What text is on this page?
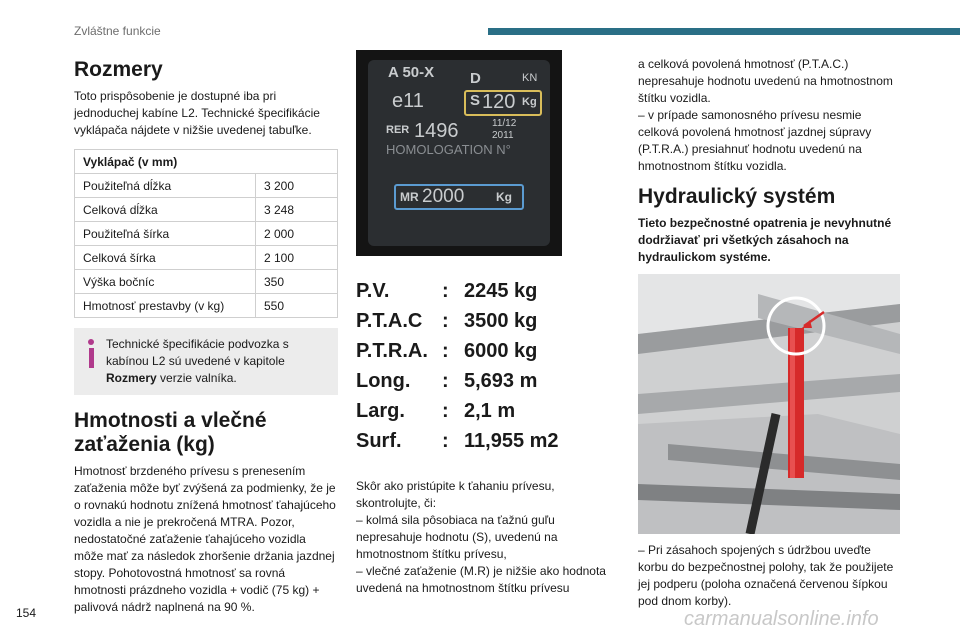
Zvláštne funkcie
Rozmery

Toto prispôsobenie je dostupné iba pri jednoduchej kabíne L2. Technické špecifikácie vyklápača nájdete v nižšie uvedenej tabuľke.

Vyklápač (v mm)	
Použiteľná dĺžka	3 200
Celková dĺžka	3 248
Použiteľná šírka	2 000
Celková šírka	2 100
Výška bočníc	350
Hmotnosť prestavby (v kg)	550
Technické špecifikácie podvozka s kabínou L2 sú uvedené v kapitole Rozmery verzie valníka.
Hmotnosti a vlečné zaťaženia (kg)

Hmotnosť brzdeného prívesu s prenesením zaťaženia môže byť zvýšená za podmienky, že je o rovnakú hodnotu znížená hmotnosť ťahajúceho vozidla a nie je prekročená MTRA. Pozor, nedostatočné zaťaženie ťahajúceho vozidla môže mať za následok zhoršenie držania jazdnej stopy. Pohotovostná hmotnosť sa rovná hmotnosti prázdneho vozidla + vodič (75 kg) + palivová nádrž naplnená na 90 %.

A 50-X D	KN
e11	S 120 Kg
RER 1496	11/12
2011
HOMOLOGATION N°
MR 2000	Kg
P.V.	: 2245 kg
P.T.A.C : 3500 kg
P.T.R.A. : 6000 kg
Long.	: 5,693 m
Larg.	: 2,1 m
Surf.	: 11,955 m2

Skôr ako pristúpite k ťahaniu prívesu, skontrolujte, či:
– kolmá sila pôsobiaca na ťažnú guľu nepresahuje hodnotu (S), uvedenú na hmotnostnom štítku prívesu,
– vlečné zaťaženie (M.R) je nižšie ako hodnota uvedená na hmotnostnom štítku prívesu

a celková povolená hmotnosť (P.T.A.C.) nepresahuje hodnotu uvedenú na hmotnostnom štítku vozidla.
– v prípade samonosného prívesu nesmie celková povolená hmotnosť jazdnej súpravy (P.T.R.A.) presiahnuť hodnotu uvedenú na hmotnostnom štítku vozidla.

Hydraulický systém

Tieto bezpečnostné opatrenia je nevyhnutné dodržiavať pri všetkých zásahoch na hydraulickom systéme.

– Pri zásahoch spojených s údržbou uveďte korbu do bezpečnostnej polohy, tak že použijete jej podperu (poloha označená červenou šípkou pod dnom korby).

154	carmanualsonline.info
